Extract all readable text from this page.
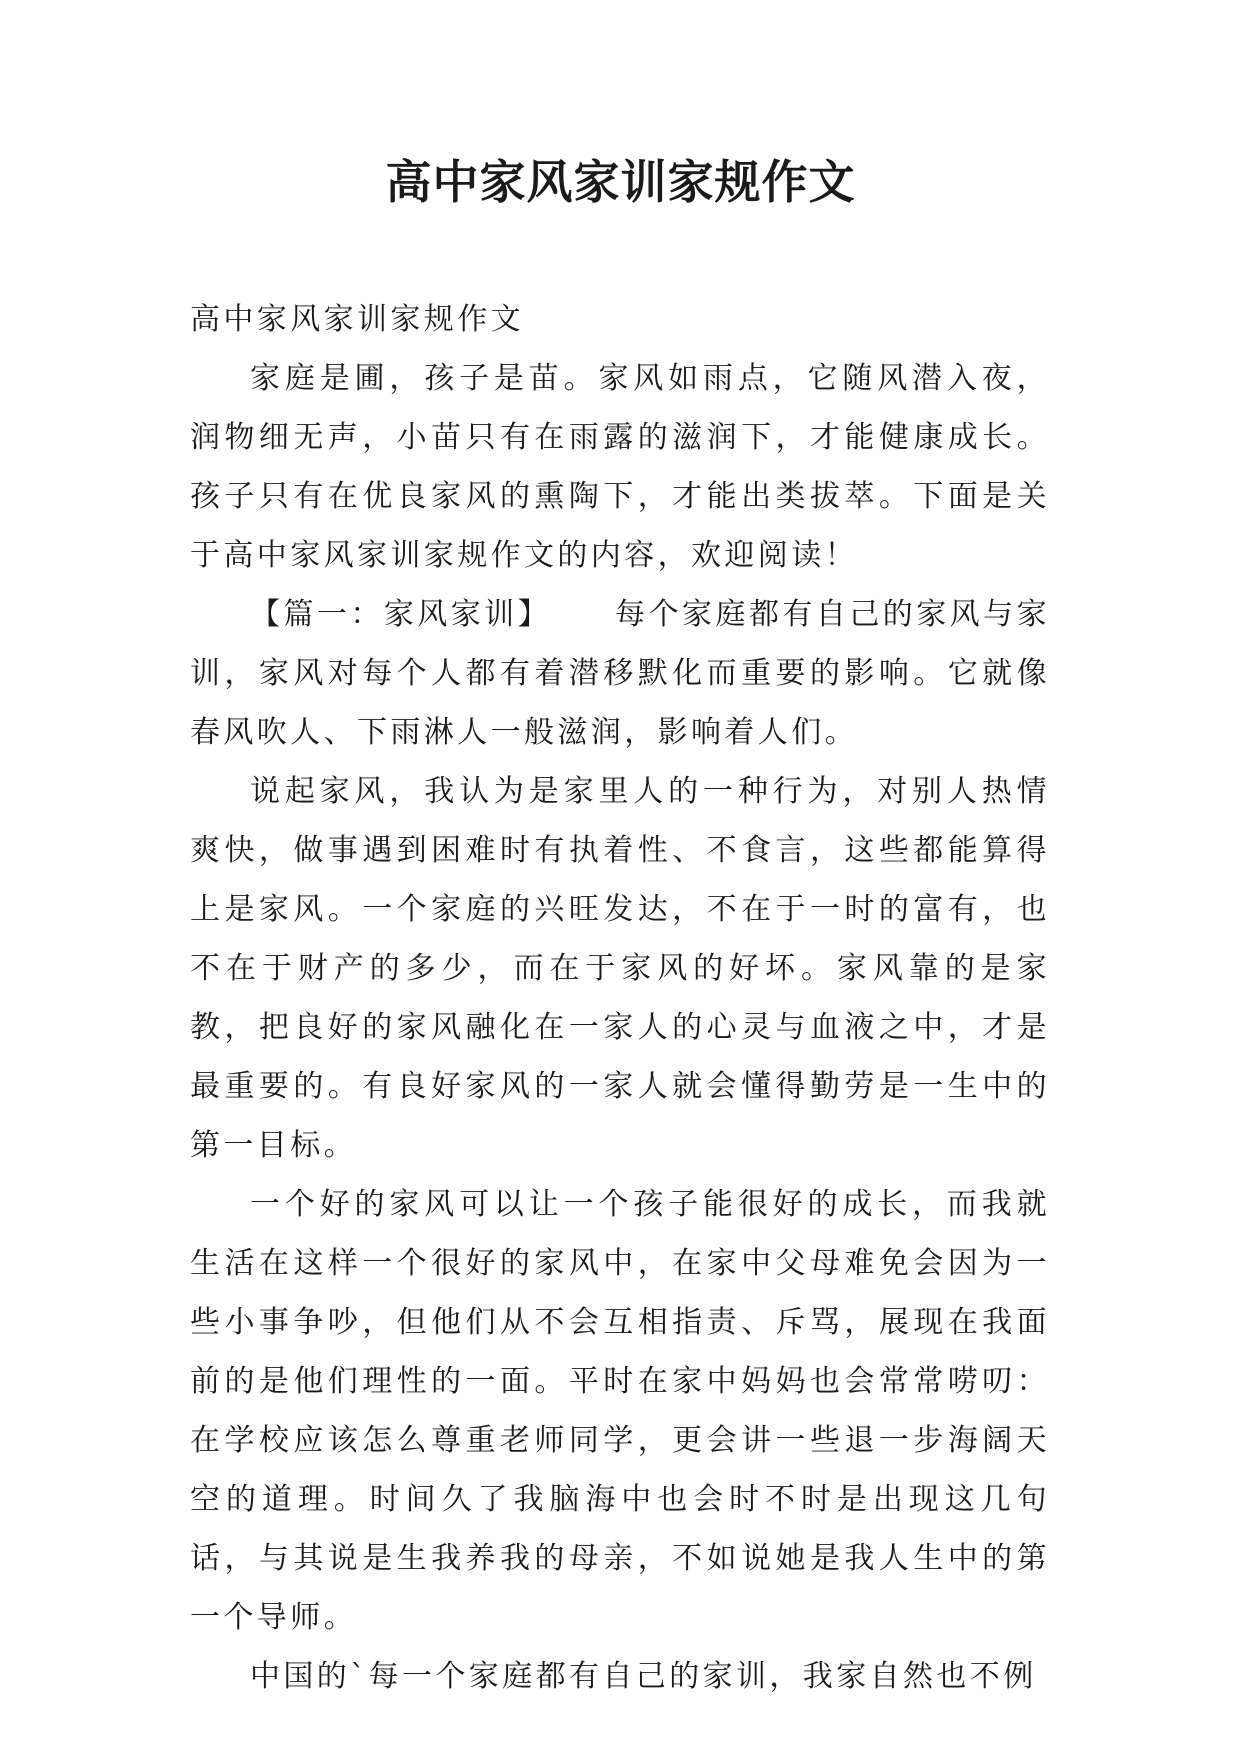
高中家风家训家规作文

高中家风家训家规作文

家庭是圃，孩子是苗。家风如雨点，它随风潜入夜，润物细无声，小苗只有在雨露的滋润下，才能健康成长。孩子只有在优良家风的熏陶下，才能出类拔萃。下面是关于高中家风家训家规作文的内容，欢迎阅读！

【篇一：家风家训】 每个家庭都有自己的家风与家训，家风对每个人都有着潜移默化而重要的影响。它就像春风吹人、下雨淋人一般滋润，影响着人们。

说起家风，我认为是家里人的一种行为，对别人热情爽快，做事遇到困难时有执着性、不食言，这些都能算得上是家风。一个家庭的兴旺发达，不在于一时的富有，也不在于财产的多少，而在于家风的好坏。家风靠的是家教，把良好的家风融化在一家人的心灵与血液之中，才是最重要的。有良好家风的一家人就会懂得勤劳是一生中的第一目标。

一个好的家风可以让一个孩子能很好的成长，而我就生活在这样一个很好的家风中，在家中父母难免会因为一些小事争吵，但他们从不会互相指责、斥骂，展现在我面前的是他们理性的一面。平时在家中妈妈也会常常唠叨：在学校应该怎么尊重老师同学，更会讲一些退一步海阔天空的道理。时间久了我脑海中也会时不时是出现这几句话，与其说是生我养我的母亲，不如说她是我人生中的第一个导师。

中国的`每一个家庭都有自己的家训，我家自然也不例
